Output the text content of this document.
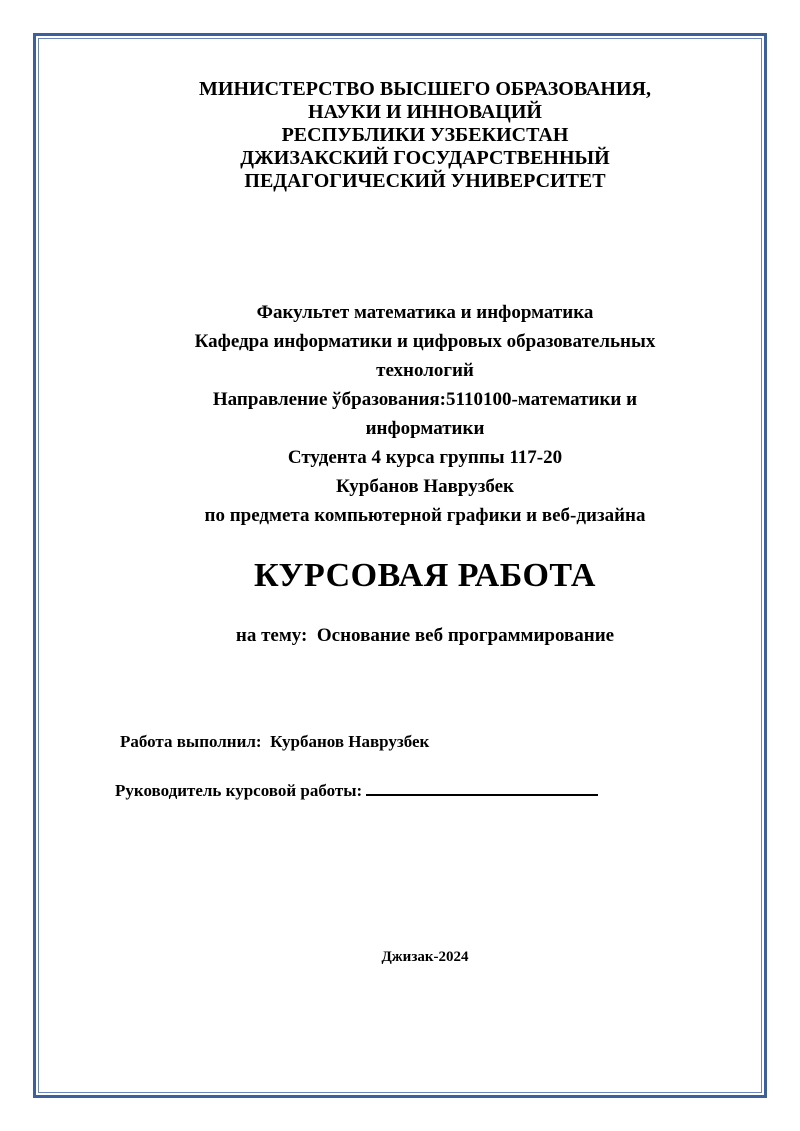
МИНИСТЕРСТВО ВЫСШЕГО ОБРАЗОВАНИЯ,
НАУКИ И ИННОВАЦИЙ
РЕСПУБЛИКИ УЗБЕКИСТАН
ДЖИЗАКСКИЙ ГОСУДАРСТВЕННЫЙ
ПЕДАГОГИЧЕСКИЙ УНИВЕРСИТЕТ
Факультет математика и информатика
Кафедра информатики и цифровых образовательных
технологий
Направление ўбразования:5110100-математики и
информатики
Студента 4 курса группы 117-20
Курбанов Наврузбек
по предмета компьютерной графики и веб-дизайна
КУРСОВАЯ РАБОТА
на тему:  Основание веб программирование
Работа выполнил:  Курбанов Наврузбек
Руководитель курсовой работы:
Джизак-2024
